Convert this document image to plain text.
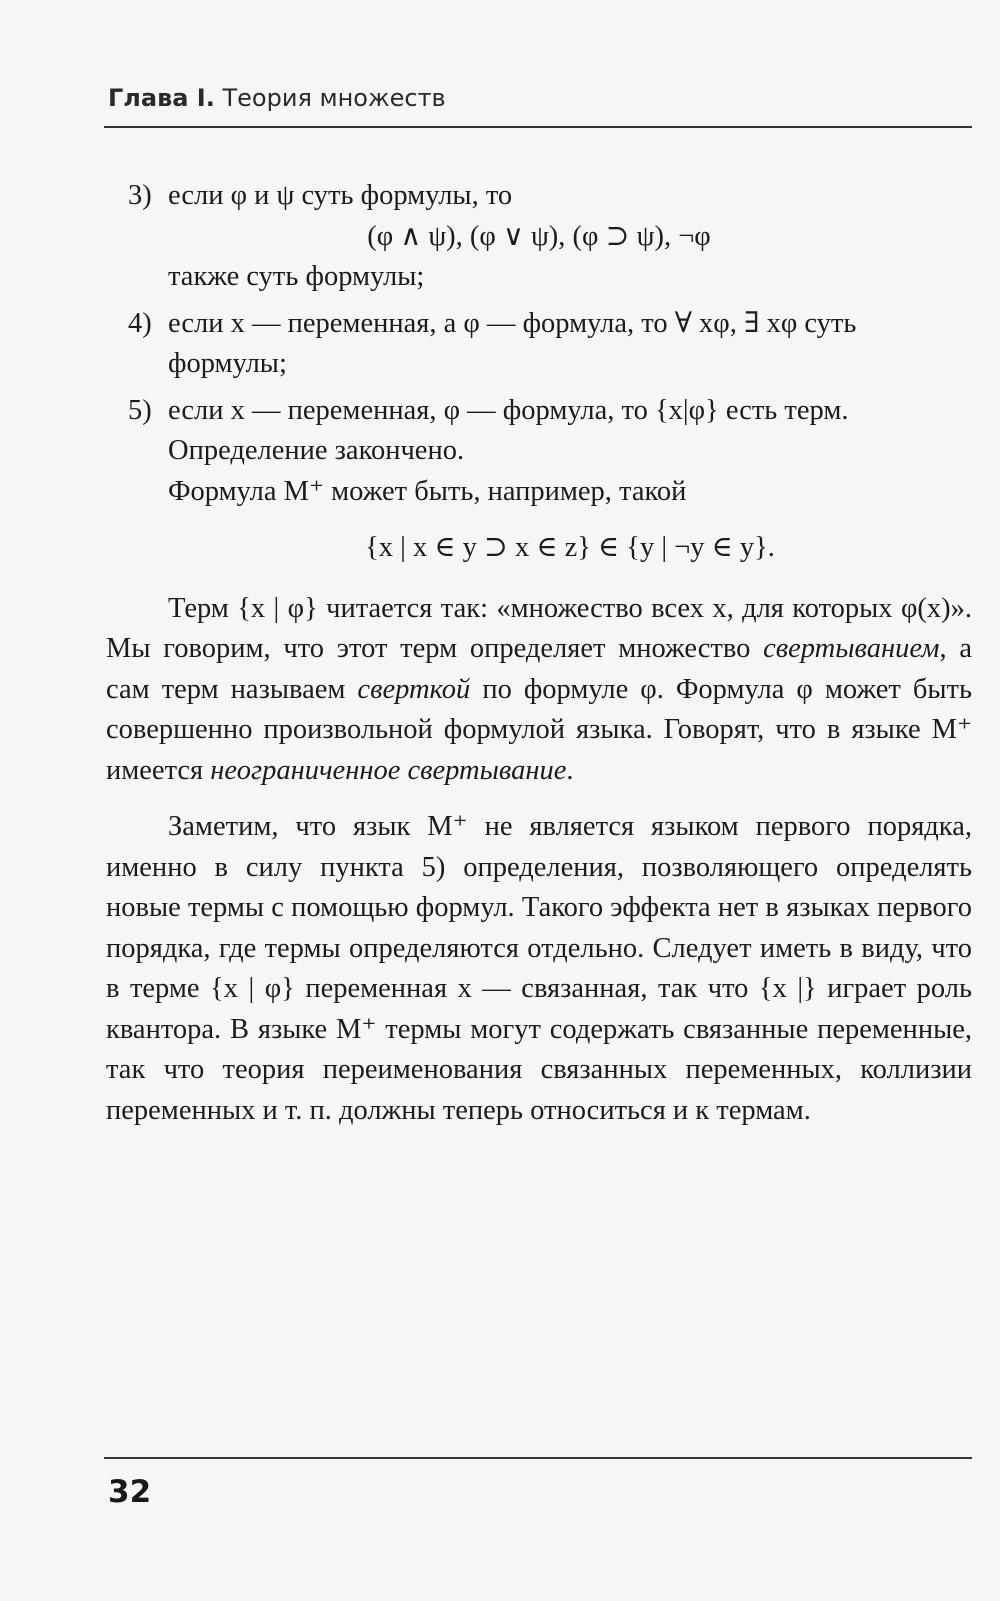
Глава I. Теория множеств
3) если φ и ψ суть формулы, то

(φ ∧ ψ), (φ ∨ ψ), (φ ⊃ ψ), ¬φ

также суть формулы;

4) если x — переменная, а φ — формула, то ∀ xφ, ∃ xφ суть формулы;

5) если x — переменная, φ — формула, то {x|φ} есть терм.

Определение закончено.

Формула M⁺ может быть, например, такой

{x | x ∈ y ⊃ x ∈ z} ∈ {y | ¬y ∈ y}.

Терм {x | φ} читается так: «множество всех x, для которых φ(x)». Мы говорим, что этот терм определяет множество свертыванием, а сам терм называем сверткой по формуле φ. Формула φ может быть совершенно произвольной формулой языка. Говорят, что в языке M⁺ имеется неограниченное свертывание.

Заметим, что язык M⁺ не является языком первого порядка, именно в силу пункта 5) определения, позволяющего определять новые термы с помощью формул. Такого эффекта нет в языках первого порядка, где термы определяются отдельно. Следует иметь в виду, что в терме {x | φ} переменная x — связанная, так что {x |} играет роль квантора. В языке M⁺ термы могут содержать связанные переменные, так что теория переименования связанных переменных, коллизии переменных и т. п. должны теперь относиться и к термам.

32
